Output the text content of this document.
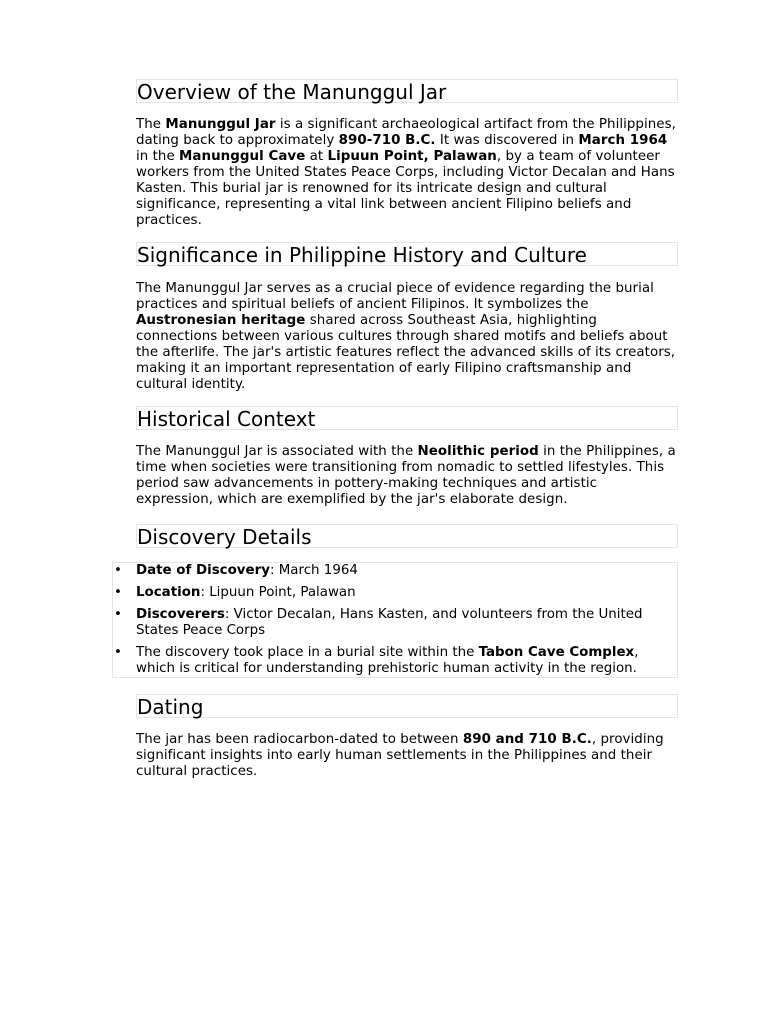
Overview of the Manunggul Jar

The Manunggul Jar is a significant archaeological artifact from the Philippines, dating back to approximately 890-710 B.C. It was discovered in March 1964 in the Manunggul Cave at Lipuun Point, Palawan, by a team of volunteer workers from the United States Peace Corps, including Victor Decalan and Hans Kasten. This burial jar is renowned for its intricate design and cultural significance, representing a vital link between ancient Filipino beliefs and practices.

Significance in Philippine History and Culture

The Manunggul Jar serves as a crucial piece of evidence regarding the burial practices and spiritual beliefs of ancient Filipinos. It symbolizes the Austronesian heritage shared across Southeast Asia, highlighting connections between various cultures through shared motifs and beliefs about the afterlife. The jar's artistic features reflect the advanced skills of its creators, making it an important representation of early Filipino craftsmanship and cultural identity.

Historical Context

The Manunggul Jar is associated with the Neolithic period in the Philippines, a time when societies were transitioning from nomadic to settled lifestyles. This period saw advancements in pottery-making techniques and artistic expression, which are exemplified by the jar's elaborate design.

Discovery Details
• Date of Discovery: March 1964
• Location: Lipuun Point, Palawan
• Discoverers: Victor Decalan, Hans Kasten, and volunteers from the United States Peace Corps
• The discovery took place in a burial site within the Tabon Cave Complex, which is critical for understanding prehistoric human activity in the region.
Dating

The jar has been radiocarbon-dated to between 890 and 710 B.C., providing significant insights into early human settlements in the Philippines and their cultural practices.
